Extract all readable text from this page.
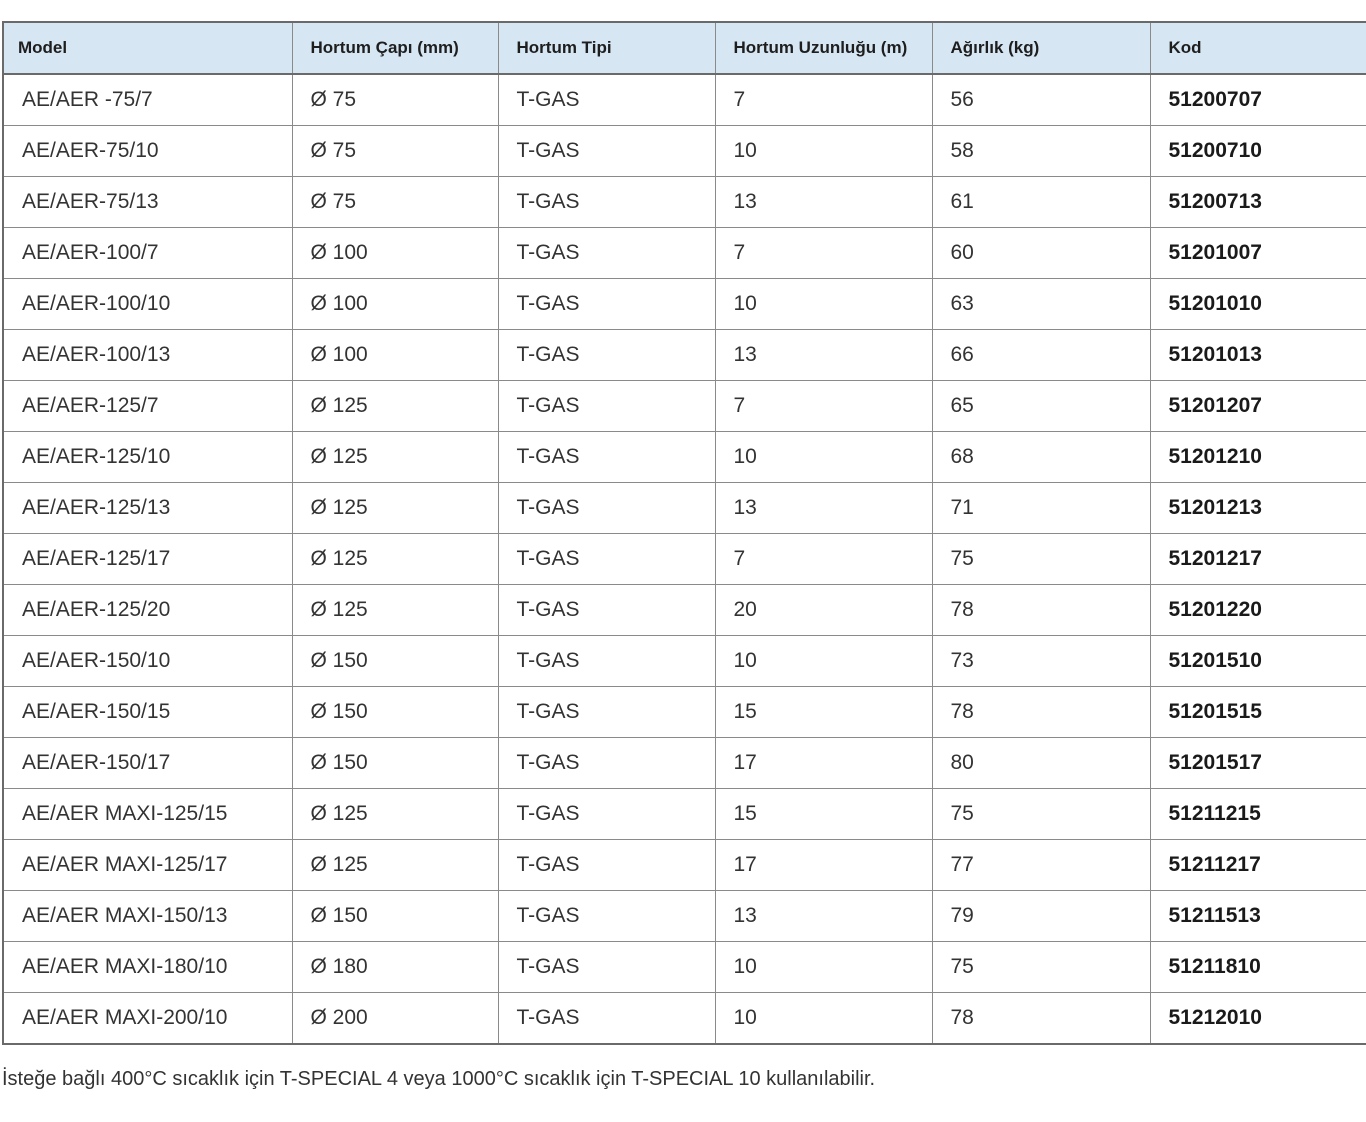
Model	Hortum Çapı (mm)	Hortum Tipi	Hortum Uzunluğu (m)	Ağırlık (kg)	Kod
AE/AER -75/7	Ø 75	T-GAS	7	56	51200707
AE/AER-75/10	Ø 75	T-GAS	10	58	51200710
AE/AER-75/13	Ø 75	T-GAS	13	61	51200713
AE/AER-100/7	Ø 100	T-GAS	7	60	51201007
AE/AER-100/10	Ø 100	T-GAS	10	63	51201010
AE/AER-100/13	Ø 100	T-GAS	13	66	51201013
AE/AER-125/7	Ø 125	T-GAS	7	65	51201207
AE/AER-125/10	Ø 125	T-GAS	10	68	51201210
AE/AER-125/13	Ø 125	T-GAS	13	71	51201213
AE/AER-125/17	Ø 125	T-GAS	7	75	51201217
AE/AER-125/20	Ø 125	T-GAS	20	78	51201220
AE/AER-150/10	Ø 150	T-GAS	10	73	51201510
AE/AER-150/15	Ø 150	T-GAS	15	78	51201515
AE/AER-150/17	Ø 150	T-GAS	17	80	51201517
AE/AER MAXI-125/15	Ø 125	T-GAS	15	75	51211215
AE/AER MAXI-125/17	Ø 125	T-GAS	17	77	51211217
AE/AER MAXI-150/13	Ø 150	T-GAS	13	79	51211513
AE/AER MAXI-180/10	Ø 180	T-GAS	10	75	51211810
AE/AER MAXI-200/10	Ø 200	T-GAS	10	78	51212010
İsteğe bağlı 400°C sıcaklık için T-SPECIAL 4 veya 1000°C sıcaklık için T-SPECIAL 10 kullanılabilir.
